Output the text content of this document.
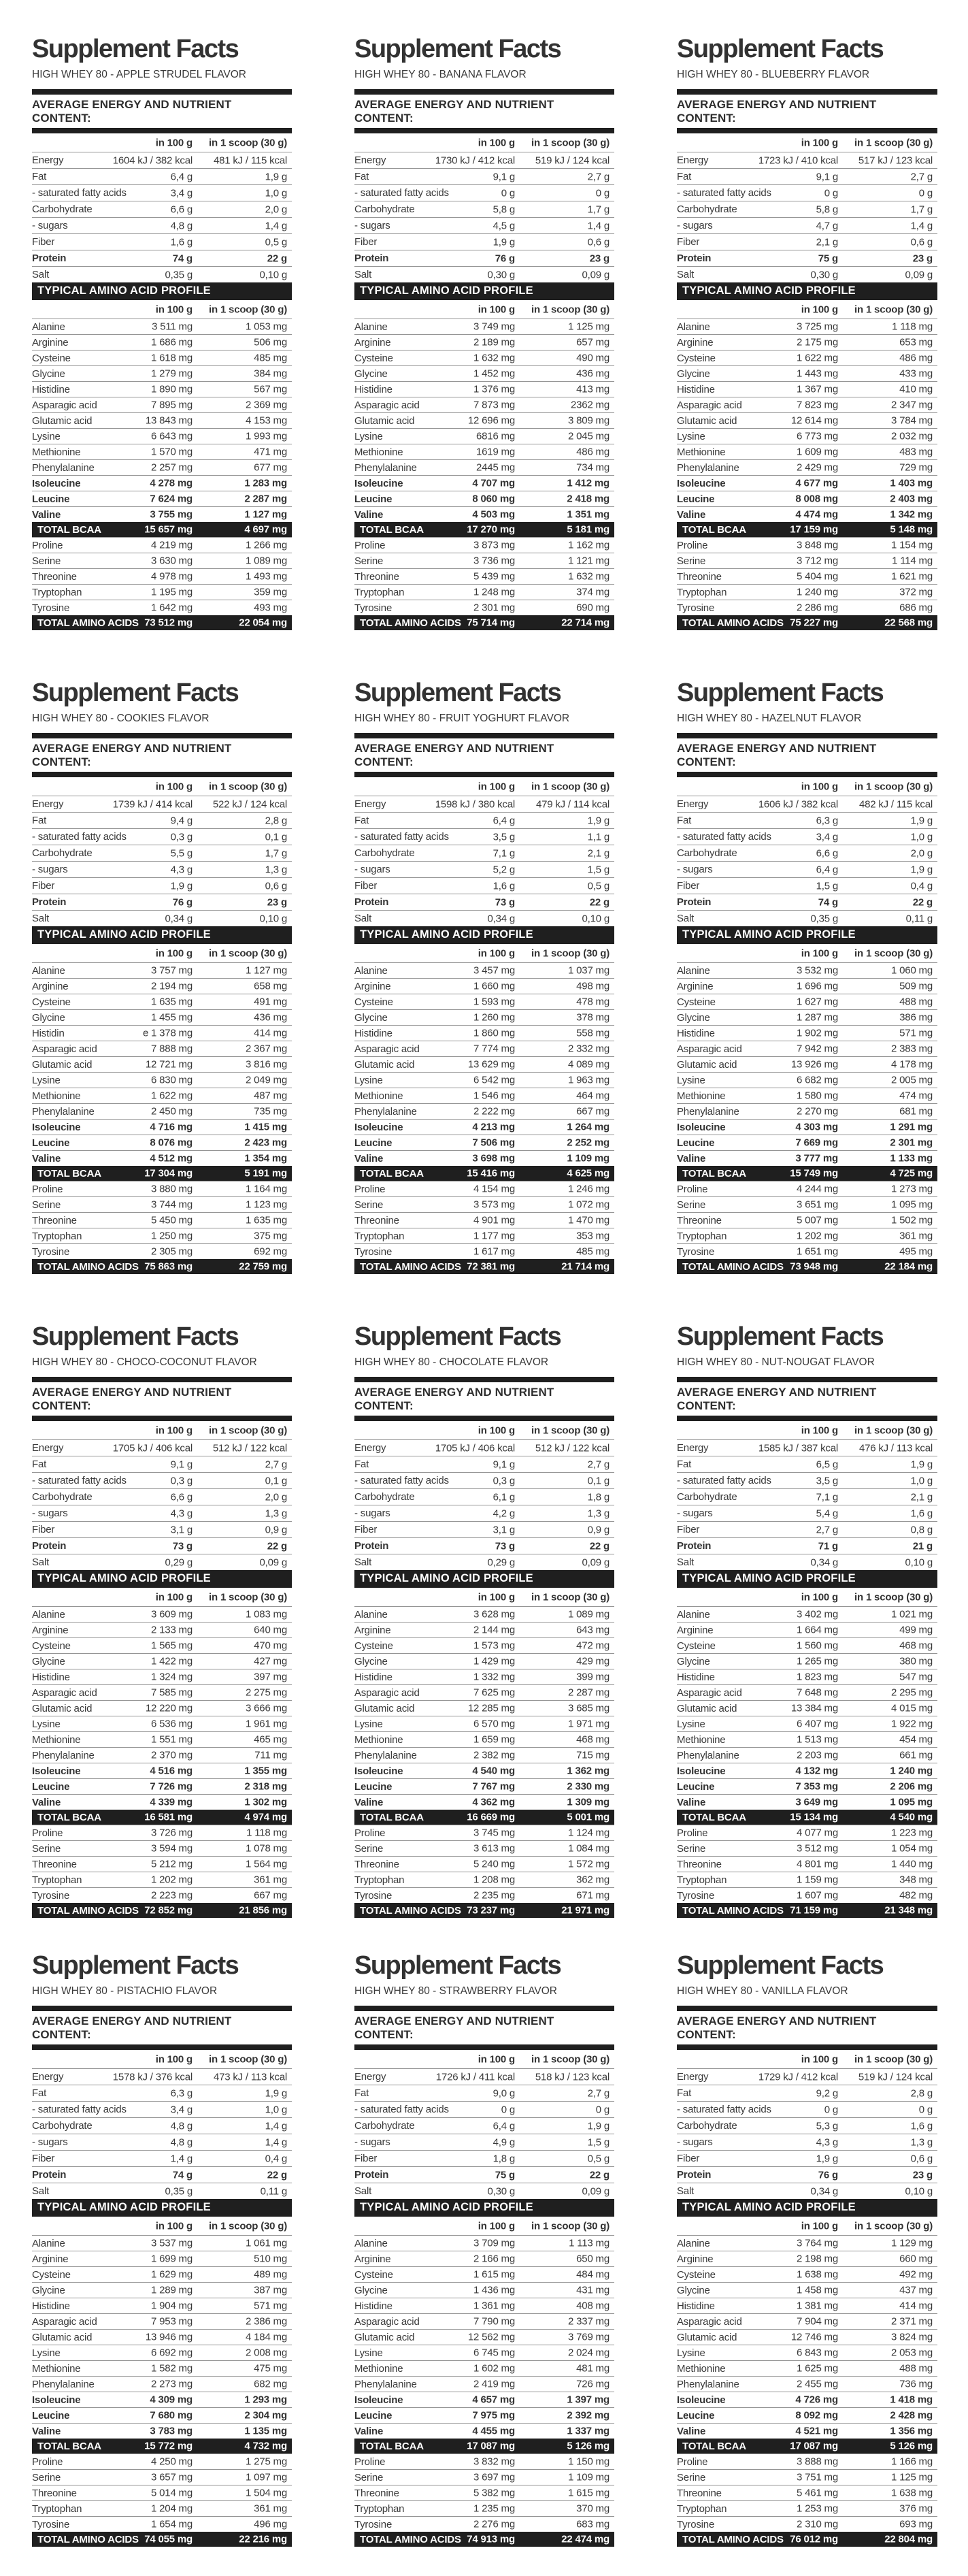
Supplement Facts
HIGH WHEY 80 - APPLE STRUDEL FLAVOR
AVERAGE ENERGY AND NUTRIENT CONTENT:
in 100 g in 1 scoop (30 g)
Energy	1604 kJ / 382 kcal 481 kJ / 115 kcal
Fat	6,4 g	1,9 g
- saturated fatty acids	3,4 g	1,0 g
Carbohydrate	6,6 g	2,0 g
- sugars	4,8 g	1,4 g
Fiber	1,6 g	0,5 g
Protein	74 g	22 g
Salt	0,35 g	0,10 g
TYPICAL AMINO ACID PROFILE
in 100 g in 1 scoop (30 g)
Alanine	3 511 mg	1 053 mg
Arginine	1 686 mg	506 mg
Cysteine	1 618 mg	485 mg
Glycine	1 279 mg	384 mg
Histidine	1 890 mg	567 mg
Asparagic acid	7 895 mg	2 369 mg
Glutamic acid	13 843 mg	4 153 mg
Lysine	6 643 mg	1 993 mg
Methionine	1 570 mg	471 mg
Phenylalanine	2 257 mg	677 mg
Isoleucine	4 278 mg	1 283 mg
Leucine	7 624 mg	2 287 mg
Valine	3 755 mg	1 127 mg
TOTAL BCAA	15 657 mg	4 697 mg
Proline	4 219 mg	1 266 mg
Serine	3 630 mg	1 089 mg
Threonine	4 978 mg	1 493 mg
Tryptophan	1 195 mg	359 mg
Tyrosine	1 642 mg	493 mg
TOTAL AMINO ACIDS 73 512 mg	22 054 mg
Supplement Facts
HIGH WHEY 80 - BANANA FLAVOR
AVERAGE ENERGY AND NUTRIENT CONTENT:
in 100 g in 1 scoop (30 g)
Energy	1730 kJ / 412 kcal 519 kJ / 124 kcal
Fat	9,1 g	2,7 g
- saturated fatty acids	0 g	0 g
Carbohydrate	5,8 g	1,7 g
- sugars	4,5 g	1,4 g
Fiber	1,9 g	0,6 g
Protein	76 g	23 g
Salt	0,30 g	0,09 g
TYPICAL AMINO ACID PROFILE
in 100 g in 1 scoop (30 g)
Alanine	3 749 mg	1 125 mg
Arginine	2 189 mg	657 mg
Cysteine	1 632 mg	490 mg
Glycine	1 452 mg	436 mg
Histidine	1 376 mg	413 mg
Asparagic acid	7 873 mg	2362 mg
Glutamic acid	12 696 mg	3 809 mg
Lysine	6816 mg	2 045 mg
Methionine	1619 mg	486 mg
Phenylalanine	2445 mg	734 mg
Isoleucine	4 707 mg	1 412 mg
Leucine	8 060 mg	2 418 mg
Valine	4 503 mg	1 351 mg
TOTAL BCAA	17 270 mg	5 181 mg
Proline	3 873 mg	1 162 mg
Serine	3 736 mg	1 121 mg
Threonine	5 439 mg	1 632 mg
Tryptophan	1 248 mg	374 mg
Tyrosine	2 301 mg	690 mg
TOTAL AMINO ACIDS 75 714 mg	22 714 mg
Supplement Facts
HIGH WHEY 80 - BLUEBERRY FLAVOR
AVERAGE ENERGY AND NUTRIENT CONTENT:
in 100 g in 1 scoop (30 g)
Energy	1723 kJ / 410 kcal 517 kJ / 123 kcal
Fat	9,1 g	2,7 g
- saturated fatty acids	0 g	0 g
Carbohydrate	5,8 g	1,7 g
- sugars	4,7 g	1,4 g
Fiber	2,1 g	0,6 g
Protein	75 g	23 g
Salt	0,30 g	0,09 g
TYPICAL AMINO ACID PROFILE
in 100 g in 1 scoop (30 g)
Alanine	3 725 mg	1 118 mg
Arginine	2 175 mg	653 mg
Cysteine	1 622 mg	486 mg
Glycine	1 443 mg	433 mg
Histidine	1 367 mg	410 mg
Asparagic acid	7 823 mg	2 347 mg
Glutamic acid	12 614 mg	3 784 mg
Lysine	6 773 mg	2 032 mg
Methionine	1 609 mg	483 mg
Phenylalanine	2 429 mg	729 mg
Isoleucine	4 677 mg	1 403 mg
Leucine	8 008 mg	2 403 mg
Valine	4 474 mg	1 342 mg
TOTAL BCAA	17 159 mg	5 148 mg
Proline	3 848 mg	1 154 mg
Serine	3 712 mg	1 114 mg
Threonine	5 404 mg	1 621 mg
Tryptophan	1 240 mg	372 mg
Tyrosine	2 286 mg	686 mg
TOTAL AMINO ACIDS 75 227 mg	22 568 mg
Supplement Facts
HIGH WHEY 80 - COOKIES FLAVOR
AVERAGE ENERGY AND NUTRIENT CONTENT:
in 100 g in 1 scoop (30 g)
Energy	1739 kJ / 414 kcal 522 kJ / 124 kcal
Fat	9,4 g	2,8 g
- saturated fatty acids	0,3 g	0,1 g
Carbohydrate	5,5 g	1,7 g
- sugars	4,3 g	1,3 g
Fiber	1,9 g	0,6 g
Protein	76 g	23 g
Salt	0,34 g	0,10 g
TYPICAL AMINO ACID PROFILE
in 100 g in 1 scoop (30 g)
Alanine	3 757 mg	1 127 mg
Arginine	2 194 mg	658 mg
Cysteine	1 635 mg	491 mg
Glycine	1 455 mg	436 mg
Histidin	e 1 378 mg	414 mg
Asparagic acid	7 888 mg	2 367 mg
Glutamic acid	12 721 mg	3 816 mg
Lysine	6 830 mg	2 049 mg
Methionine	1 622 mg	487 mg
Phenylalanine	2 450 mg	735 mg
Isoleucine	4 716 mg	1 415 mg
Leucine	8 076 mg	2 423 mg
Valine	4 512 mg	1 354 mg
TOTAL BCAA	17 304 mg	5 191 mg
Proline	3 880 mg	1 164 mg
Serine	3 744 mg	1 123 mg
Threonine	5 450 mg	1 635 mg
Tryptophan	1 250 mg	375 mg
Tyrosine	2 305 mg	692 mg
TOTAL AMINO ACIDS 75 863 mg	22 759 mg
Supplement Facts
HIGH WHEY 80 - FRUIT YOGHURT FLAVOR
AVERAGE ENERGY AND NUTRIENT CONTENT:
in 100 g in 1 scoop (30 g)
Energy	1598 kJ / 380 kcal 479 kJ / 114 kcal
Fat	6,4 g	1,9 g
- saturated fatty acids	3,5 g	1,1 g
Carbohydrate	7,1 g	2,1 g
- sugars	5,2 g	1,5 g
Fiber	1,6 g	0,5 g
Protein	73 g	22 g
Salt	0,34 g	0,10 g
TYPICAL AMINO ACID PROFILE
in 100 g in 1 scoop (30 g)
Alanine	3 457 mg	1 037 mg
Arginine	1 660 mg	498 mg
Cysteine	1 593 mg	478 mg
Glycine	1 260 mg	378 mg
Histidine	1 860 mg	558 mg
Asparagic acid	7 774 mg	2 332 mg
Glutamic acid	13 629 mg	4 089 mg
Lysine	6 542 mg	1 963 mg
Methionine	1 546 mg	464 mg
Phenylalanine	2 222 mg	667 mg
Isoleucine	4 213 mg	1 264 mg
Leucine	7 506 mg	2 252 mg
Valine	3 698 mg	1 109 mg
TOTAL BCAA	15 416 mg	4 625 mg
Proline	4 154 mg	1 246 mg
Serine	3 573 mg	1 072 mg
Threonine	4 901 mg	1 470 mg
Tryptophan	1 177 mg	353 mg
Tyrosine	1 617 mg	485 mg
TOTAL AMINO ACIDS 72 381 mg	21 714 mg
Supplement Facts
HIGH WHEY 80 - HAZELNUT FLAVOR
AVERAGE ENERGY AND NUTRIENT CONTENT:
in 100 g in 1 scoop (30 g)
Energy	1606 kJ / 382 kcal 482 kJ / 115 kcal
Fat	6,3 g	1,9 g
- saturated fatty acids	3,4 g	1,0 g
Carbohydrate	6,6 g	2,0 g
- sugars	6,4 g	1,9 g
Fiber	1,5 g	0,4 g
Protein	74 g	22 g
Salt	0,35 g	0,11 g
TYPICAL AMINO ACID PROFILE
in 100 g in 1 scoop (30 g)
Alanine	3 532 mg	1 060 mg
Arginine	1 696 mg	509 mg
Cysteine	1 627 mg	488 mg
Glycine	1 287 mg	386 mg
Histidine	1 902 mg	571 mg
Asparagic acid	7 942 mg	2 383 mg
Glutamic acid	13 926 mg	4 178 mg
Lysine	6 682 mg	2 005 mg
Methionine	1 580 mg	474 mg
Phenylalanine	2 270 mg	681 mg
Isoleucine	4 303 mg	1 291 mg
Leucine	7 669 mg	2 301 mg
Valine	3 777 mg	1 133 mg
TOTAL BCAA	15 749 mg	4 725 mg
Proline	4 244 mg	1 273 mg
Serine	3 651 mg	1 095 mg
Threonine	5 007 mg	1 502 mg
Tryptophan	1 202 mg	361 mg
Tyrosine	1 651 mg	495 mg
TOTAL AMINO ACIDS 73 948 mg	22 184 mg
Supplement Facts
HIGH WHEY 80 - CHOCO-COCONUT FLAVOR
AVERAGE ENERGY AND NUTRIENT CONTENT:
in 100 g in 1 scoop (30 g)
Energy	1705 kJ / 406 kcal 512 kJ / 122 kcal
Fat	9,1 g	2,7 g
- saturated fatty acids	0,3 g	0,1 g
Carbohydrate	6,6 g	2,0 g
- sugars	4,3 g	1,3 g
Fiber	3,1 g	0,9 g
Protein	73 g	22 g
Salt	0,29 g	0,09 g
TYPICAL AMINO ACID PROFILE
in 100 g in 1 scoop (30 g)
Alanine	3 609 mg	1 083 mg
Arginine	2 133 mg	640 mg
Cysteine	1 565 mg	470 mg
Glycine	1 422 mg	427 mg
Histidine	1 324 mg	397 mg
Asparagic acid	7 585 mg	2 275 mg
Glutamic acid	12 220 mg	3 666 mg
Lysine	6 536 mg	1 961 mg
Methionine	1 551 mg	465 mg
Phenylalanine	2 370 mg	711 mg
Isoleucine	4 516 mg	1 355 mg
Leucine	7 726 mg	2 318 mg
Valine	4 339 mg	1 302 mg
TOTAL BCAA	16 581 mg	4 974 mg
Proline	3 726 mg	1 118 mg
Serine	3 594 mg	1 078 mg
Threonine	5 212 mg	1 564 mg
Tryptophan	1 202 mg	361 mg
Tyrosine	2 223 mg	667 mg
TOTAL AMINO ACIDS 72 852 mg	21 856 mg
Supplement Facts
HIGH WHEY 80 - CHOCOLATE FLAVOR
AVERAGE ENERGY AND NUTRIENT CONTENT:
in 100 g in 1 scoop (30 g)
Energy	1705 kJ / 406 kcal 512 kJ / 122 kcal
Fat	9,1 g	2,7 g
- saturated fatty acids	0,3 g	0,1 g
Carbohydrate	6,1 g	1,8 g
- sugars	4,2 g	1,3 g
Fiber	3,1 g	0,9 g
Protein	73 g	22 g
Salt	0,29 g	0,09 g
TYPICAL AMINO ACID PROFILE
in 100 g in 1 scoop (30 g)
Alanine	3 628 mg	1 089 mg
Arginine	2 144 mg	643 mg
Cysteine	1 573 mg	472 mg
Glycine	1 429 mg	429 mg
Histidine	1 332 mg	399 mg
Asparagic acid	7 625 mg	2 287 mg
Glutamic acid	12 285 mg	3 685 mg
Lysine	6 570 mg	1 971 mg
Methionine	1 659 mg	468 mg
Phenylalanine	2 382 mg	715 mg
Isoleucine	4 540 mg	1 362 mg
Leucine	7 767 mg	2 330 mg
Valine	4 362 mg	1 309 mg
TOTAL BCAA	16 669 mg	5 001 mg
Proline	3 745 mg	1 124 mg
Serine	3 613 mg	1 084 mg
Threonine	5 240 mg	1 572 mg
Tryptophan	1 208 mg	362 mg
Tyrosine	2 235 mg	671 mg
TOTAL AMINO ACIDS 73 237 mg	21 971 mg
Supplement Facts
HIGH WHEY 80 - NUT-NOUGAT FLAVOR
AVERAGE ENERGY AND NUTRIENT CONTENT:
in 100 g in 1 scoop (30 g)
Energy	1585 kJ / 387 kcal 476 kJ / 113 kcal
Fat	6,5 g	1,9 g
- saturated fatty acids	3,5 g	1,0 g
Carbohydrate	7,1 g	2,1 g
- sugars	5,4 g	1,6 g
Fiber	2,7 g	0,8 g
Protein	71 g	21 g
Salt	0,34 g	0,10 g
TYPICAL AMINO ACID PROFILE
in 100 g in 1 scoop (30 g)
Alanine	3 402 mg	1 021 mg
Arginine	1 664 mg	499 mg
Cysteine	1 560 mg	468 mg
Glycine	1 265 mg	380 mg
Histidine	1 823 mg	547 mg
Asparagic acid	7 648 mg	2 295 mg
Glutamic acid	13 384 mg	4 015 mg
Lysine	6 407 mg	1 922 mg
Methionine	1 513 mg	454 mg
Phenylalanine	2 203 mg	661 mg
Isoleucine	4 132 mg	1 240 mg
Leucine	7 353 mg	2 206 mg
Valine	3 649 mg	1 095 mg
TOTAL BCAA	15 134 mg	4 540 mg
Proline	4 077 mg	1 223 mg
Serine	3 512 mg	1 054 mg
Threonine	4 801 mg	1 440 mg
Tryptophan	1 159 mg	348 mg
Tyrosine	1 607 mg	482 mg
TOTAL AMINO ACIDS 71 159 mg	21 348 mg
Supplement Facts
HIGH WHEY 80 - PISTACHIO FLAVOR
AVERAGE ENERGY AND NUTRIENT CONTENT:
in 100 g in 1 scoop (30 g)
Energy	1578 kJ / 376 kcal 473 kJ / 113 kcal
Fat	6,3 g	1,9 g
- saturated fatty acids	3,4 g	1,0 g
Carbohydrate	4,8 g	1,4 g
- sugars	4,8 g	1,4 g
Fiber	1,4 g	0,4 g
Protein	74 g	22 g
Salt	0,35 g	0,11 g
TYPICAL AMINO ACID PROFILE
in 100 g in 1 scoop (30 g)
Alanine	3 537 mg	1 061 mg
Arginine	1 699 mg	510 mg
Cysteine	1 629 mg	489 mg
Glycine	1 289 mg	387 mg
Histidine	1 904 mg	571 mg
Asparagic acid	7 953 mg	2 386 mg
Glutamic acid	13 946 mg	4 184 mg
Lysine	6 692 mg	2 008 mg
Methionine	1 582 mg	475 mg
Phenylalanine	2 273 mg	682 mg
Isoleucine	4 309 mg	1 293 mg
Leucine	7 680 mg	2 304 mg
Valine	3 783 mg	1 135 mg
TOTAL BCAA	15 772 mg	4 732 mg
Proline	4 250 mg	1 275 mg
Serine	3 657 mg	1 097 mg
Threonine	5 014 mg	1 504 mg
Tryptophan	1 204 mg	361 mg
Tyrosine	1 654 mg	496 mg
TOTAL AMINO ACIDS 74 055 mg	22 216 mg
Supplement Facts
HIGH WHEY 80 - STRAWBERRY FLAVOR
AVERAGE ENERGY AND NUTRIENT CONTENT:
in 100 g in 1 scoop (30 g)
Energy	1726 kJ / 411 kcal 518 kJ / 123 kcal
Fat	9,0 g	2,7 g
- saturated fatty acids	0 g	0 g
Carbohydrate	6,4 g	1,9 g
- sugars	4,9 g	1,5 g
Fiber	1,8 g	0,5 g
Protein	75 g	22 g
Salt	0,30 g	0,09 g
TYPICAL AMINO ACID PROFILE
in 100 g in 1 scoop (30 g)
Alanine	3 709 mg	1 113 mg
Arginine	2 166 mg	650 mg
Cysteine	1 615 mg	484 mg
Glycine	1 436 mg	431 mg
Histidine	1 361 mg	408 mg
Asparagic acid	7 790 mg	2 337 mg
Glutamic acid	12 562 mg	3 769 mg
Lysine	6 745 mg	2 024 mg
Methionine	1 602 mg	481 mg
Phenylalanine	2 419 mg	726 mg
Isoleucine	4 657 mg	1 397 mg
Leucine	7 975 mg	2 392 mg
Valine	4 455 mg	1 337 mg
TOTAL BCAA	17 087 mg	5 126 mg
Proline	3 832 mg	1 150 mg
Serine	3 697 mg	1 109 mg
Threonine	5 382 mg	1 615 mg
Tryptophan	1 235 mg	370 mg
Tyrosine	2 276 mg	683 mg
TOTAL AMINO ACIDS 74 913 mg	22 474 mg
Supplement Facts
HIGH WHEY 80 - VANILLA FLAVOR
AVERAGE ENERGY AND NUTRIENT CONTENT:
in 100 g in 1 scoop (30 g)
Energy	1729 kJ / 412 kcal 519 kJ / 124 kcal
Fat	9,2 g	2,8 g
- saturated fatty acids	0 g	0 g
Carbohydrate	5,3 g	1,6 g
- sugars	4,3 g	1,3 g
Fiber	1,9 g	0,6 g
Protein	76 g	23 g
Salt	0,34 g	0,10 g
TYPICAL AMINO ACID PROFILE
in 100 g in 1 scoop (30 g)
Alanine	3 764 mg	1 129 mg
Arginine	2 198 mg	660 mg
Cysteine	1 638 mg	492 mg
Glycine	1 458 mg	437 mg
Histidine	1 381 mg	414 mg
Asparagic acid	7 904 mg	2 371 mg
Glutamic acid	12 746 mg	3 824 mg
Lysine	6 843 mg	2 053 mg
Methionine	1 625 mg	488 mg
Phenylalanine	2 455 mg	736 mg
Isoleucine	4 726 mg	1 418 mg
Leucine	8 092 mg	2 428 mg
Valine	4 521 mg	1 356 mg
TOTAL BCAA	17 087 mg	5 126 mg
Proline	3 888 mg	1 166 mg
Serine	3 751 mg	1 125 mg
Threonine	5 461 mg	1 638 mg
Tryptophan	1 253 mg	376 mg
Tyrosine	2 310 mg	693 mg
TOTAL AMINO ACIDS 76 012 mg	22 804 mg
